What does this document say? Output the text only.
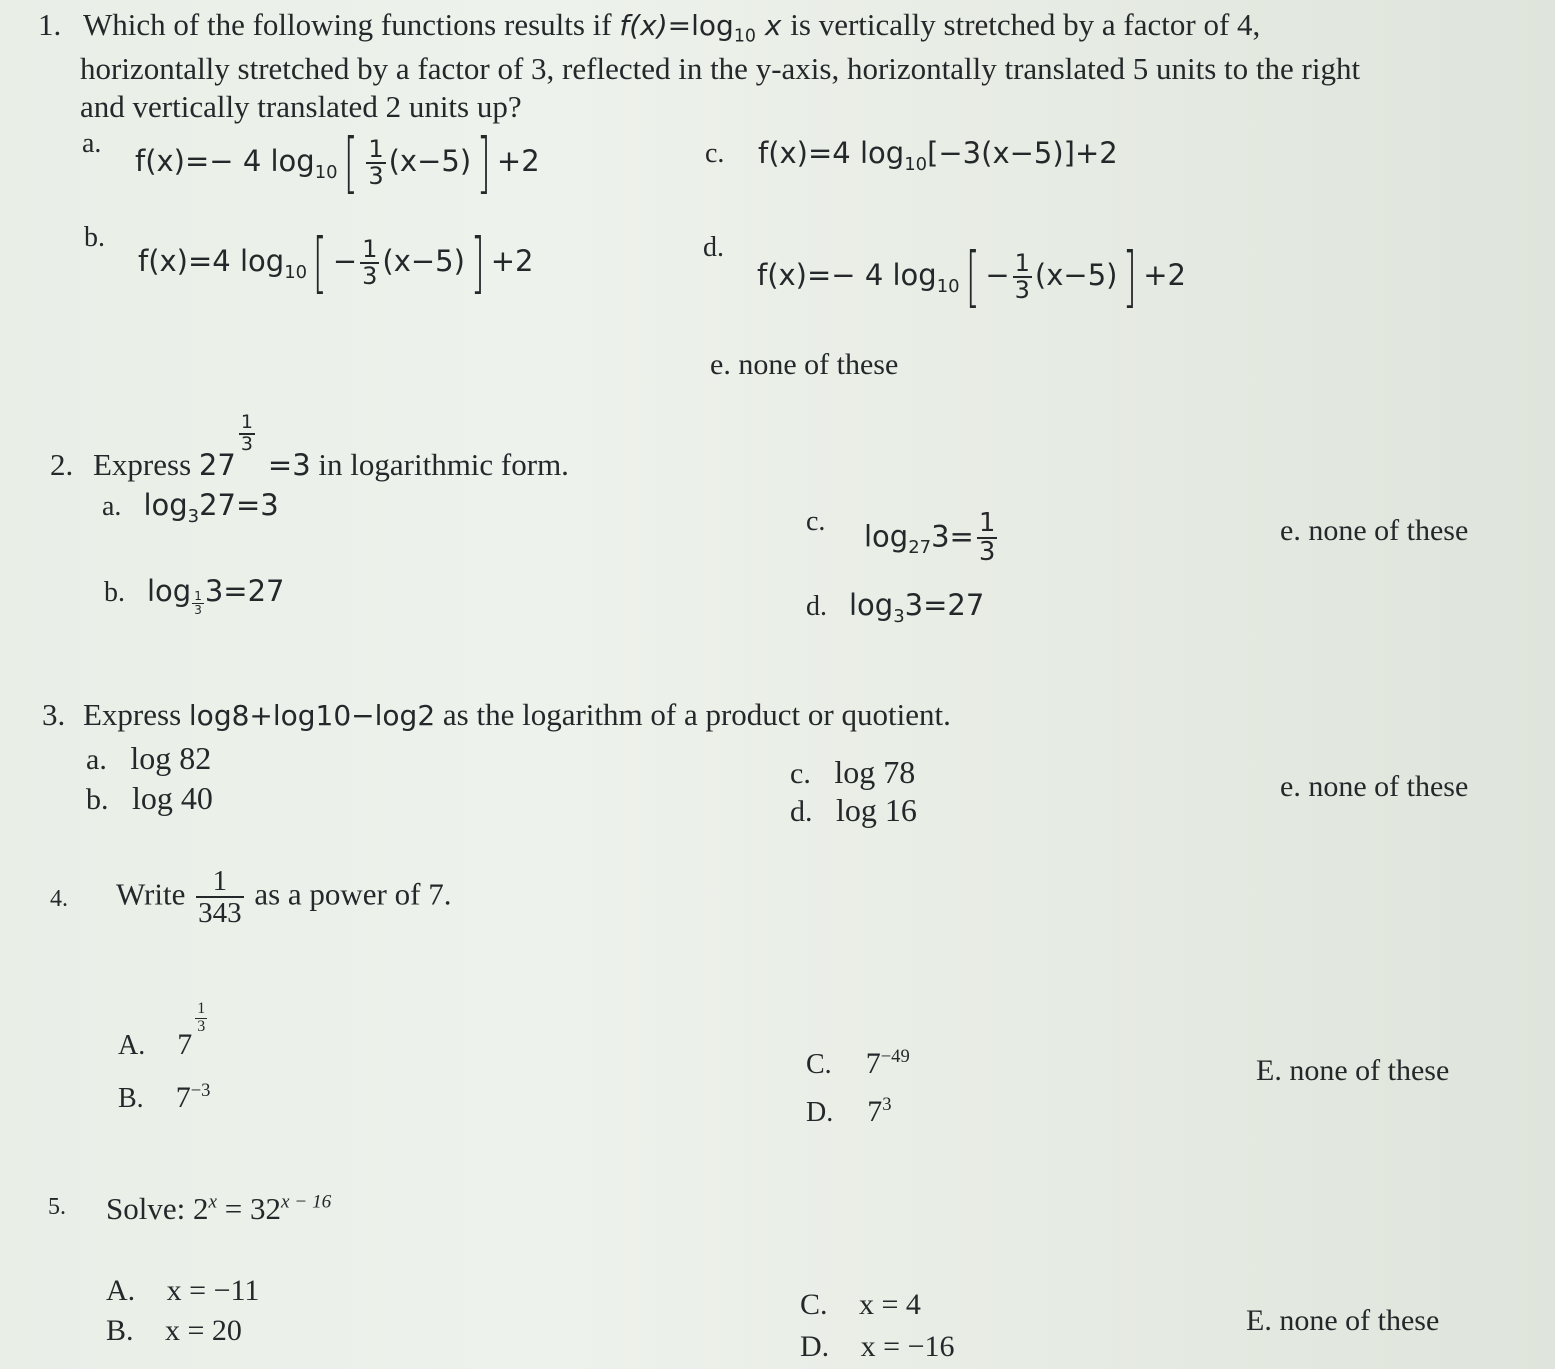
1. Which of the following functions results if $f(x)=\log_{10}$ x is vertically stretched by a factor of 4,
horizontally stretched by a factor of 3, reflected in the y-axis, horizontally translated 5 units to the right
and vertically translated 2 units up?
a.
f(x)=− 4 $\log_{10}[ \frac{1}{3} (x-5)] +2$
b.
f(x)=4 $\log_{10}[ - \frac{1}{3} (x-5)] +2$
c. f(x)=4 $\log_{10}[-3(x-5)]+2$
d.
f(x)=− 4 $\log_{10}[ - \frac{1}{3} (x-5)] +2$
e. none of these
2. Express 27
$\frac{1}{3}$
=3 in logarithmic form.
a. $\log_327=3$
b. $\log \frac{1}{3} 3=27$
c. $\log_{27}3= \frac{1}{3}$
d. $\log_33=27$
e. none of these
3. Express log8+log10−log2 as the logarithm of a product or quotient.
a. log 82
b. log 40
c. log 78
d. log 16
e. none of these
4. Write $\frac{1}{343}$ as a power of 7.
A. 7
$\frac{1}{3}$
B. $7^{-3}$
C. $7^{-49}$
D. $7^3$
E. none of these
5. Solve: $2^x = 32^{x - 16}$
A. x = −11
B. x = 20
C. x = 4
D. x = −16
E. none of these
